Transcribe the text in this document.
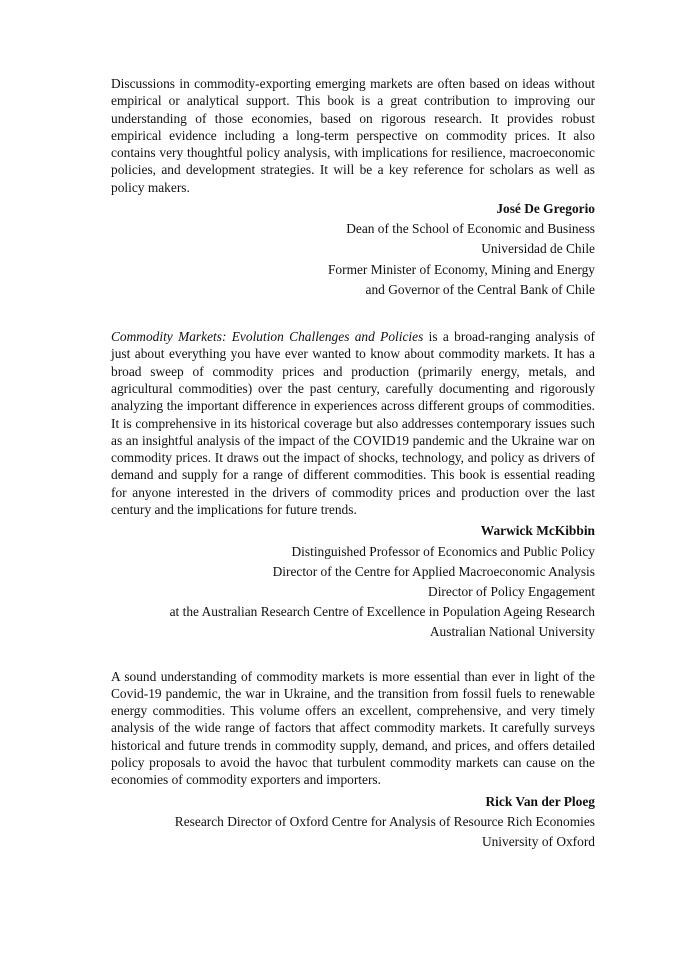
Discussions in commodity-exporting emerging markets are often based on ideas without empirical or analytical support. This book is a great contribution to improving our understanding of those economies, based on rigorous research. It provides robust empirical evidence including a long-term perspective on commodity prices. It also contains very thoughtful policy analysis, with implications for resilience, macroeconomic policies, and development strategies. It will be a key reference for scholars as well as policy makers.

José De Gregorio
Dean of the School of Economic and Business
Universidad de Chile
Former Minister of Economy, Mining and Energy
and Governor of the Central Bank of Chile

Commodity Markets: Evolution Challenges and Policies is a broad-ranging analysis of just about everything you have ever wanted to know about commodity markets. It has a broad sweep of commodity prices and production (primarily energy, metals, and agricultural commodities) over the past century, carefully documenting and rigorously analyzing the important difference in experiences across different groups of commodities. It is comprehensive in its historical coverage but also addresses contemporary issues such as an insightful analysis of the impact of the COVID19 pandemic and the Ukraine war on commodity prices. It draws out the impact of shocks, technology, and policy as drivers of demand and supply for a range of different commodities. This book is essential reading for anyone interested in the drivers of commodity prices and production over the last century and the implications for future trends.

Warwick McKibbin
Distinguished Professor of Economics and Public Policy
Director of the Centre for Applied Macroeconomic Analysis
Director of Policy Engagement
at the Australian Research Centre of Excellence in Population Ageing Research
Australian National University

A sound understanding of commodity markets is more essential than ever in light of the Covid-19 pandemic, the war in Ukraine, and the transition from fossil fuels to renewable energy commodities. This volume offers an excellent, comprehensive, and very timely analysis of the wide range of factors that affect commodity markets. It carefully surveys historical and future trends in commodity supply, demand, and prices, and offers detailed policy proposals to avoid the havoc that turbulent commodity markets can cause on the economies of commodity exporters and importers.

Rick Van der Ploeg
Research Director of Oxford Centre for Analysis of Resource Rich Economies
University of Oxford
